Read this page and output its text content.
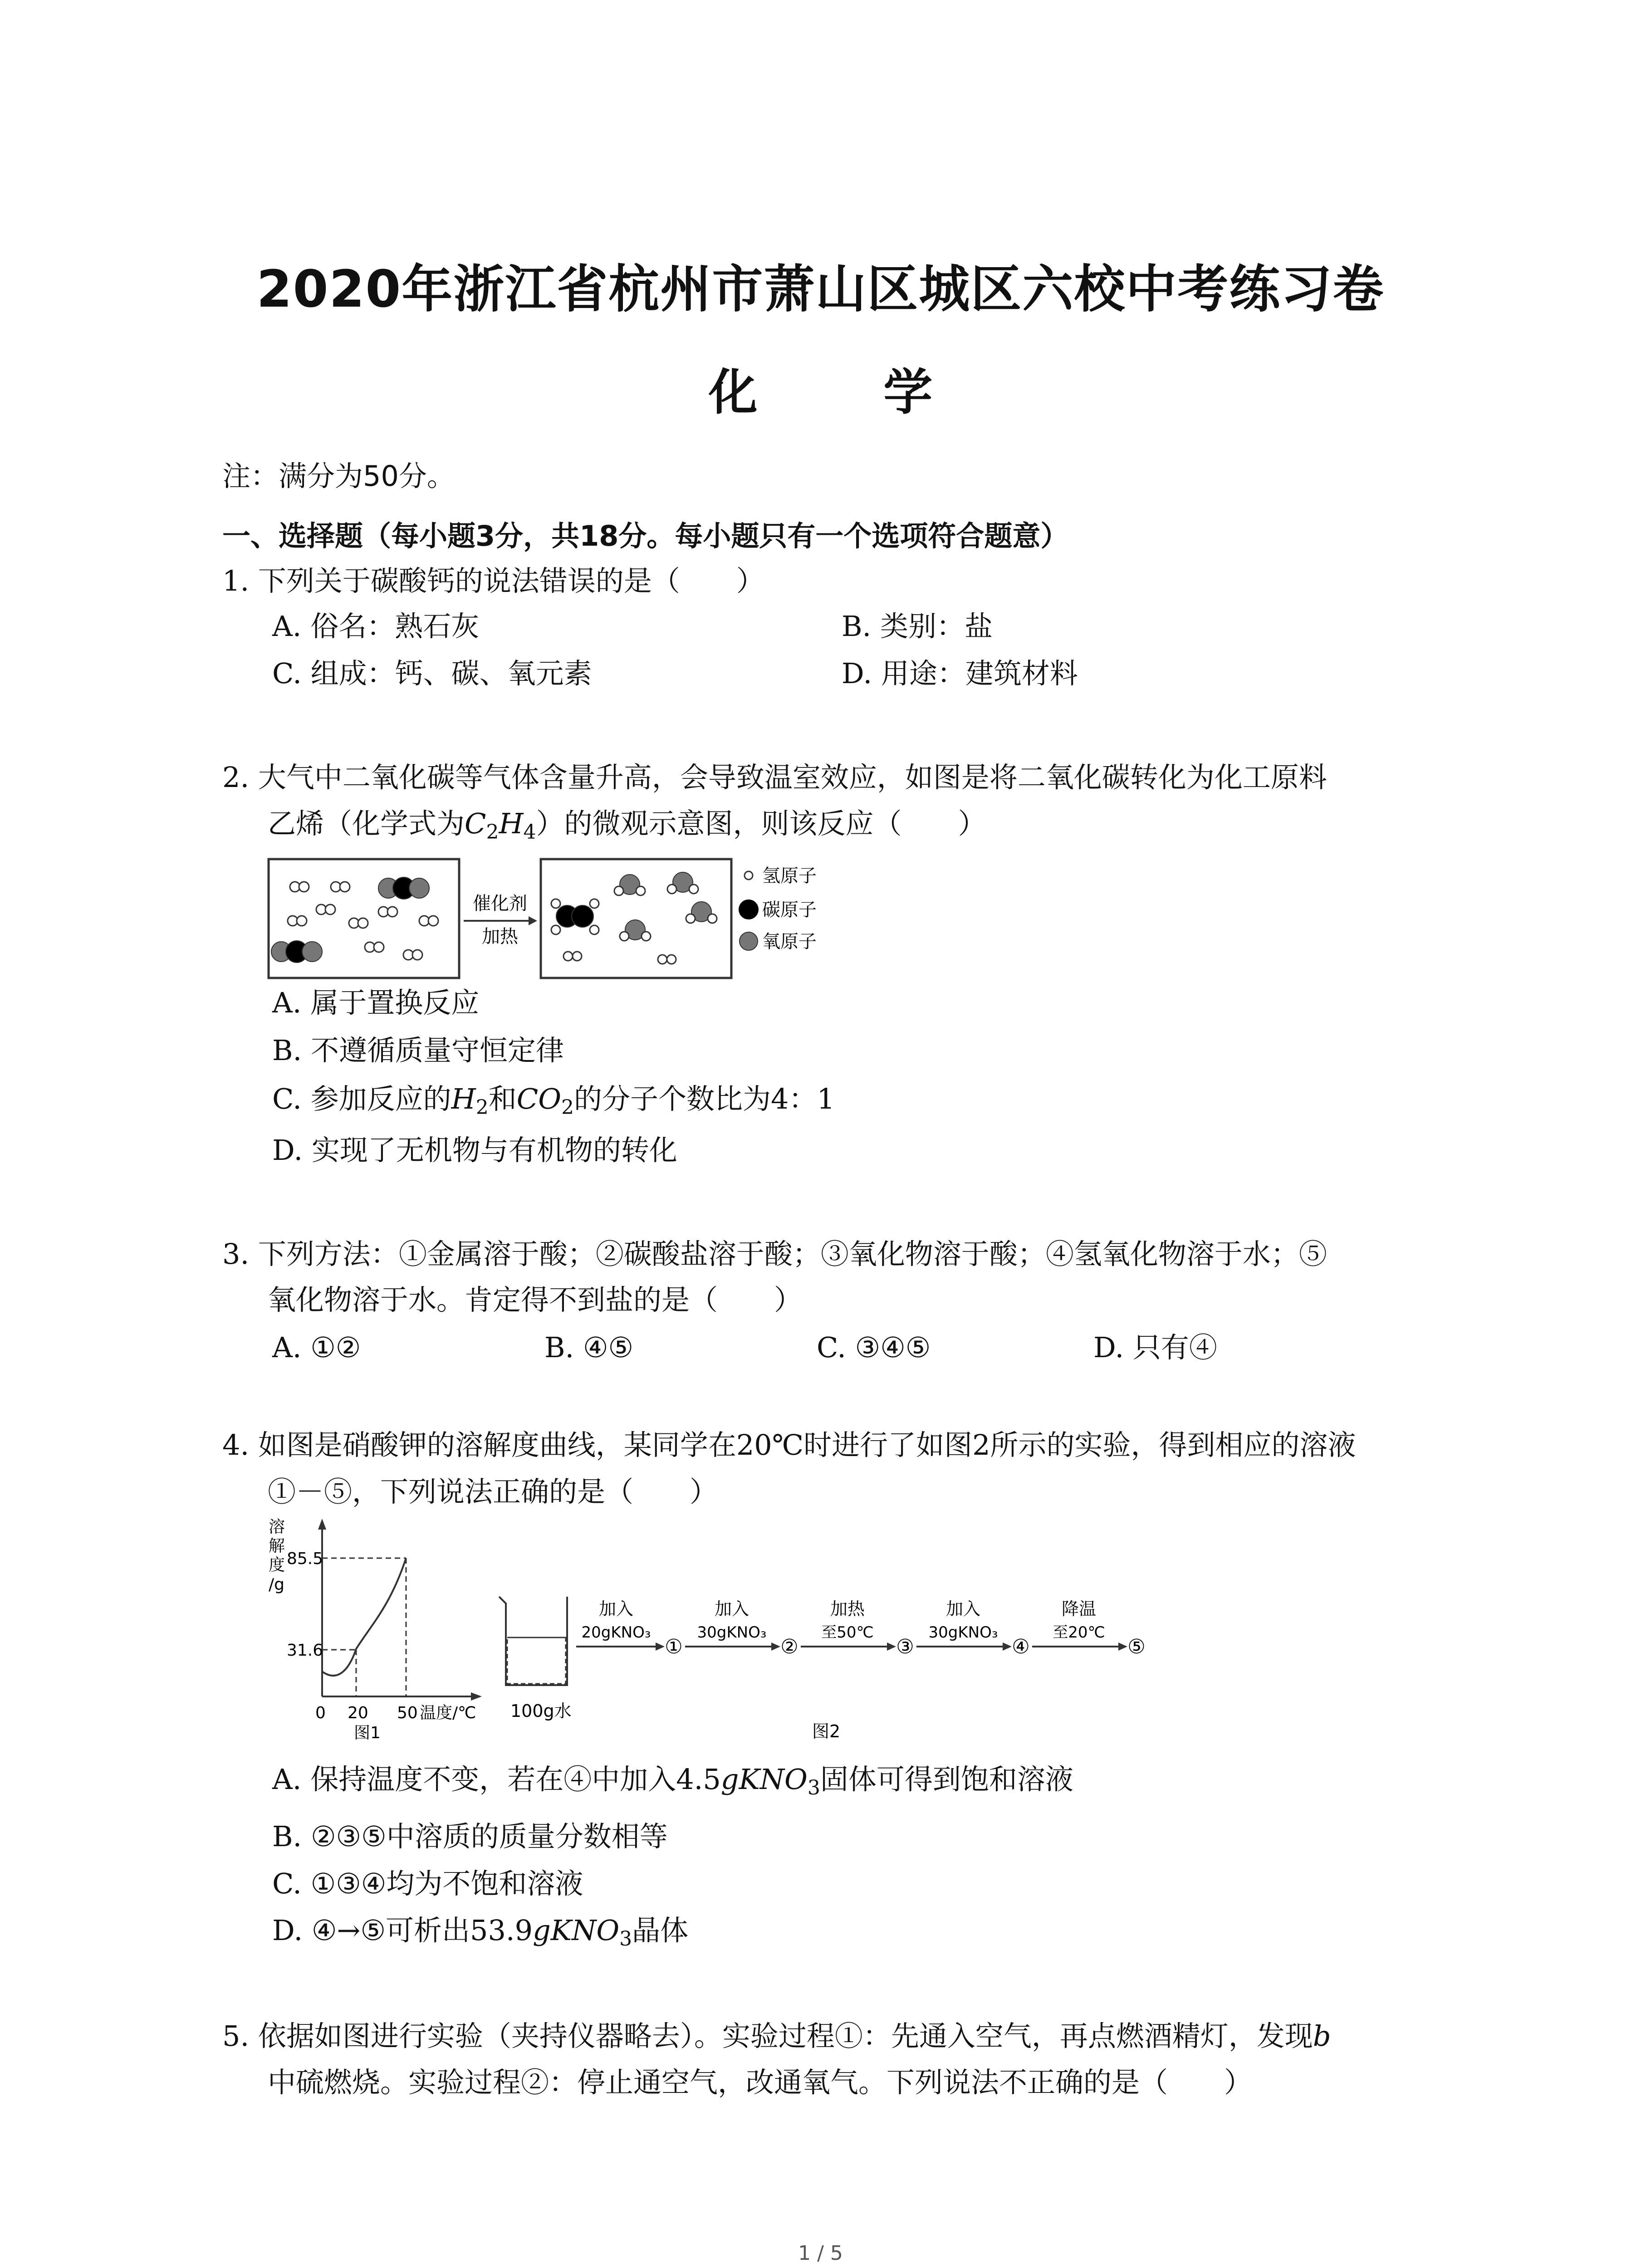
2020年浙江省杭州市萧山区城区六校中考练习卷
化 学
注：满分为50分。
一、选择题（每小题3分，共18分。每小题只有一个选项符合题意）
1. 下列关于碳酸钙的说法错误的是（　　）
A. 俗名：熟石灰	B. 类别：盐
C. 组成：钙、碳、氧元素	D. 用途：建筑材料
2. 大气中二氧化碳等气体含量升高，会导致温室效应，如图是将二氧化碳转化为化工原料
乙烯（化学式为$C_2H_4$）的微观示意图，则该反应（　　）
催化剂
加热
氢原子
碳原子
氧原子
A. 属于置换反应
B. 不遵循质量守恒定律
C. 参加反应的$H_2$和$CO_2$的分子个数比为4：1
D. 实现了无机物与有机物的转化
3. 下列方法：①金属溶于酸；②碳酸盐溶于酸；③氧化物溶于酸；④氢氧化物溶于水；⑤
氧化物溶于水。肯定得不到盐的是（　　）
A. ①②	B. ④⑤	C. ③④⑤	D. 只有④
4. 如图是硝酸钾的溶解度曲线，某同学在20℃时进行了如图2所示的实验，得到相应的溶液
①－⑤，下列说法正确的是（　　）
溶
解
度
/g
85.5
31.6
0 20 50 温度/℃
图1
100g水
加入
20gKNO₃
①
加入
30gKNO₃
②
加热
至50℃
③
加入
30gKNO₃
④
降温
至20℃
⑤
图2
A. 保持温度不变，若在④中加入4.5gKNO$_3$固体可得到饱和溶液
B. ②③⑤中溶质的质量分数相等
C. ①③④均为不饱和溶液
D. ④→⑤可析出53.9gKNO$_3$晶体
5. 依据如图进行实验（夹持仪器略去）。实验过程①：先通入空气，再点燃酒精灯，发现b
中硫燃烧。实验过程②：停止通空气，改通氧气。下列说法不正确的是（　　）
1 / 5
